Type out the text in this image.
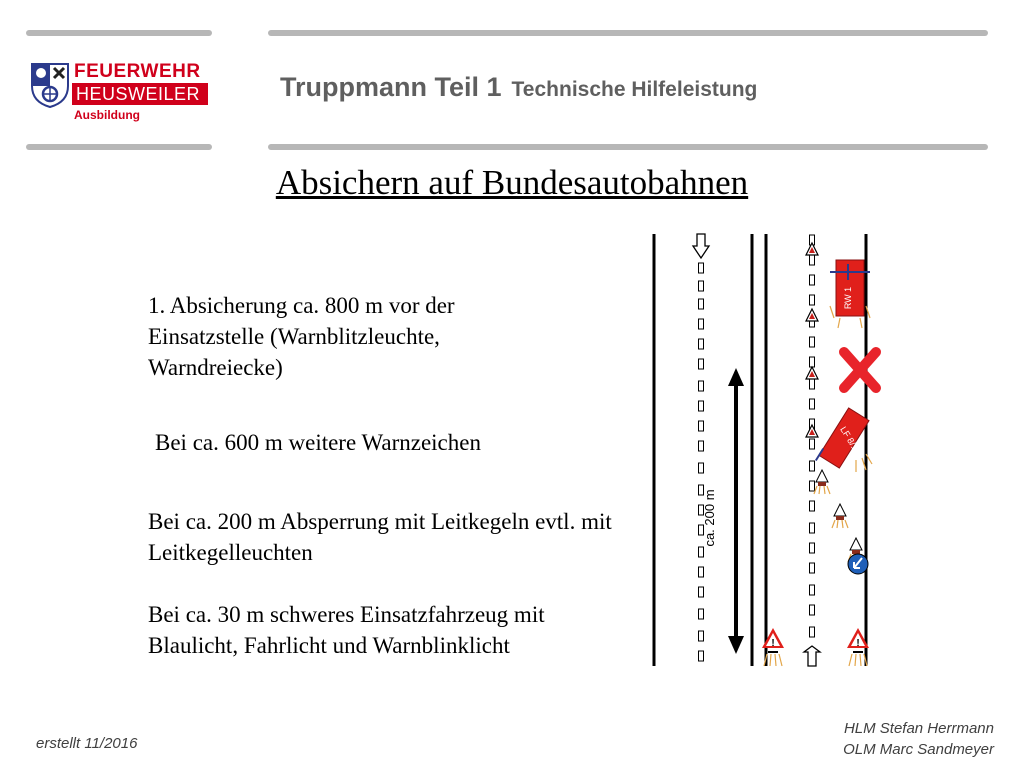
FEUERWEHR
HEUSWEILER
Ausbildung
Truppmann Teil 1 Technische Hilfeleistung
Absichern auf Bundesautobahnen

1. Absicherung ca. 800 m vor der Einsatzstelle (Warnblitzleuchte, Warndreiecke)

Bei ca. 600 m weitere Warnzeichen

Bei ca. 200 m Absperrung mit Leitkegeln evtl. mit Leitkegelleuchten

Bei ca. 30 m schweres Einsatzfahrzeug mit Blaulicht, Fahrlicht und Warnblinklicht

ca. 200 m
RW 1
LF 8/12
!	!
erstellt 11/2016
HLM Stefan Herrmann
OLM Marc Sandmeyer
